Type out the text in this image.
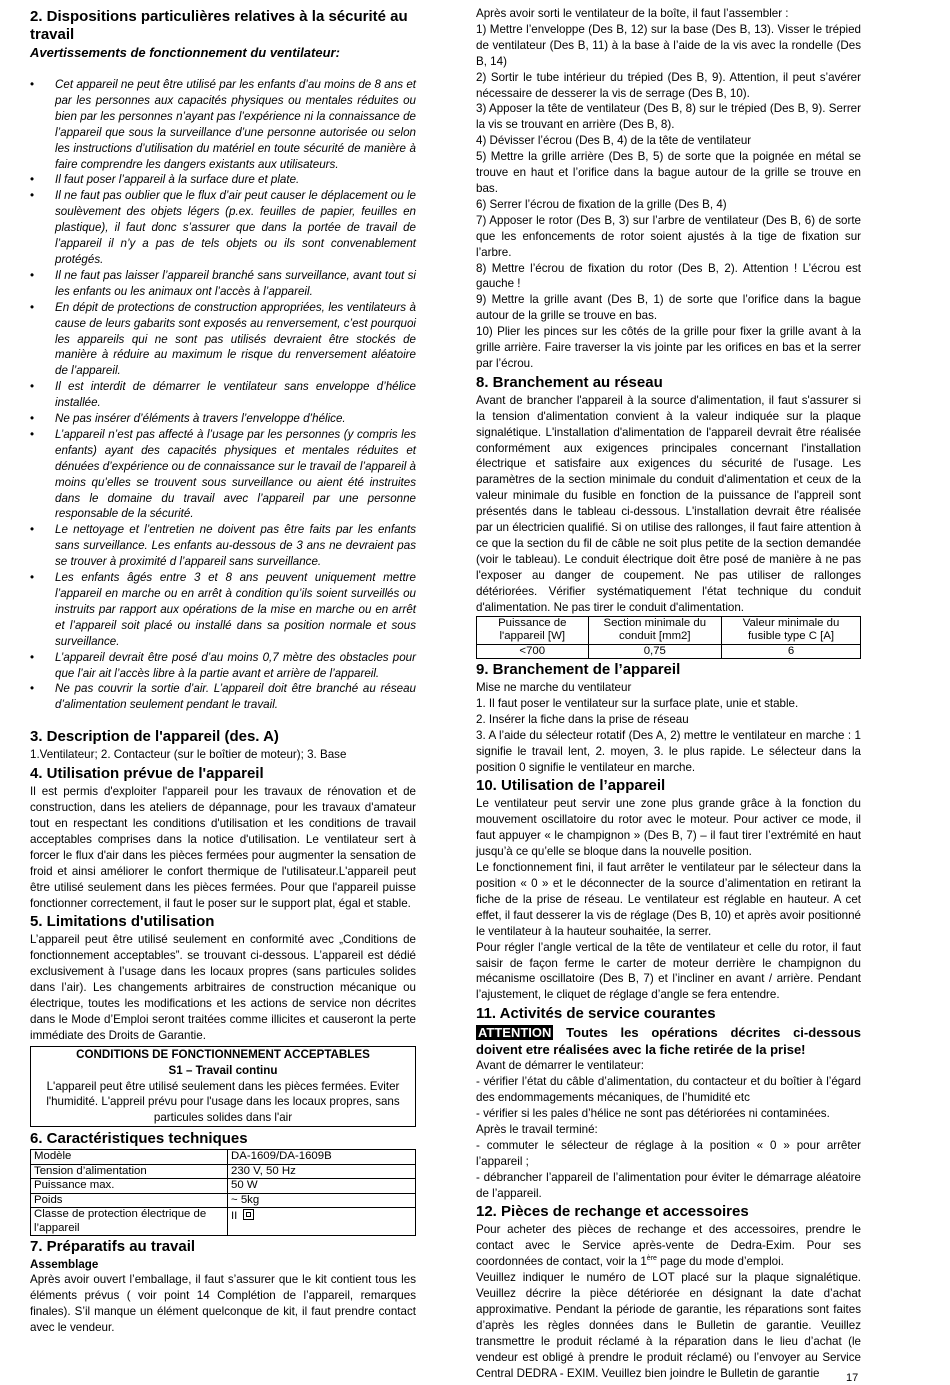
2. Dispositions particulières relatives à la sécurité au travail
Avertissements de fonctionnement du ventilateur:
• Cet appareil ne peut être utilisé par les enfants d’au moins de 8 ans et par les personnes aux capacités physiques ou mentales réduites ou bien par les personnes n’ayant pas l’expérience ni la connaissance de l’appareil que sous la surveillance d’une personne autorisée ou selon les instructions d’utilisation du matériel en toute sécurité de manière à faire comprendre les dangers existants aux utilisateurs.
• Il faut poser l’appareil à la surface dure et plate.
• Il ne faut pas oublier que le flux d’air peut causer le déplacement ou le soulèvement des objets légers (p.ex. feuilles de papier, feuilles en plastique), il faut donc s’assurer que dans la portée de travail de l’appareil il n’y a pas de tels objets ou ils sont convenablement protégés.
• Il ne faut pas laisser l’appareil branché sans surveillance, avant tout si les enfants ou les animaux ont l’accès à l’appareil.
• En dépit de protections de construction appropriées, les ventilateurs à cause de leurs gabarits sont exposés au renversement, c’est pourquoi les appareils qui ne sont pas utilisés devraient être stockés de manière à réduire au maximum le risque du renversement aléatoire de l’appareil.
• Il est interdit de démarrer le ventilateur sans enveloppe d’hélice installée.
• Ne pas insérer d’éléments à travers l’enveloppe d’hélice.
• L’appareil n’est pas affecté à l’usage par les personnes (y compris les enfants) ayant des capacités physiques et mentales réduites et dénuées d’expérience ou de connaissance sur le travail de l’appareil à moins qu’elles se trouvent sous surveillance ou aient été instruites dans le domaine du travail avec l’appareil par une personne responsable de la sécurité.
• Le nettoyage et l’entretien ne doivent pas être faits par les enfants sans surveillance. Les enfants au-dessous de 3 ans ne devraient pas se trouver à proximité d l’appareil sans surveillance.
• Les enfants âgés entre 3 et 8 ans peuvent uniquement mettre l’appareil en marche ou en arrêt à condition qu’ils soient surveillés ou instruits par rapport aux opérations de la mise en marche ou en arrêt et l’appareil soit placé ou installé dans sa position normale et sous surveillance.
• L’appareil devrait être posé d’au moins 0,7 mètre des obstacles pour que l’air ait l’accès libre à la partie avant et arrière de l’appareil.
• Ne pas couvrir la sortie d’air. L’appareil doit être branché au réseau d’alimentation seulement pendant le travail.
3. Description de l'appareil (des. A)

1.Ventilateur; 2. Contacteur (sur le boîtier de moteur); 3. Base

4. Utilisation prévue de l'appareil

Il est permis d'exploiter l'appareil pour les travaux de rénovation et de construction, dans les ateliers de dépannage, pour les travaux d'amateur tout en respectant les conditions d'utilisation et les conditions de travail acceptables comprises dans la notice d'utilisation. Le ventilateur sert à forcer le flux d'air dans les pièces fermées pour augmenter la sensation de froid et ainsi améliorer le confort thermique de l'utilisateur.L'appareil peut être utilisé seulement dans les pièces fermées. Pour que l'appareil puisse fonctionner correctement, il faut le poser sur le support plat, égal et stable.

5. Limitations d'utilisation

L’appareil peut être utilisé seulement en conformité avec „Conditions de fonctionnement acceptables”. se trouvant ci-dessous. L’appareil est dédié exclusivement à l’usage dans les locaux propres (sans particules solides dans l’air). Les changements arbitraires de construction mécanique ou électrique, toutes les modifications et les actions de service non décrites dans le Mode d’Emploi seront traitées comme illicites et causeront la perte immédiate des Droits de Garantie.

CONDITIONS DE FONCTIONNEMENT ACCEPTABLES
S1 – Travail continu
L'appareil peut être utilisé seulement dans les pièces fermées. Eviter l'humidité. L'appreil prévu pour l'usage dans les locaux propres, sans particules solides dans l'air
6. Caractéristiques techniques
Modèle	DA-1609/DA-1609B
Tension d’alimentation	230 V, 50 Hz
Puissance max.	50 W
Poids	~ 5kg
Classe de protection électrique de l’appareil	II
7. Préparatifs au travail
Assemblage

Après avoir ouvert l’emballage, il faut s’assurer que le kit contient tous les éléments prévus ( voir point 14 Complétion de l’appareil, remarques finales). S’il manque un élément quelconque de kit, il faut prendre contact avec le vendeur.

Après avoir sorti le ventilateur de la boîte, il faut l’assembler :

1) Mettre l’enveloppe (Des B, 12) sur la base (Des B, 13). Visser le trépied de ventilateur (Des B, 11) à la base à l’aide de la vis avec la rondelle (Des B, 14)

2) Sortir le tube intérieur du trépied (Des B, 9). Attention, il peut s’avérer nécessaire de desserer la vis de serrage (Des B, 10).

3) Apposer la tête de ventilateur (Des B, 8) sur le trépied (Des B, 9). Serrer la vis se trouvant en arrière (Des B, 8).

4) Dévisser l’écrou (Des B, 4) de la tête de ventilateur

5) Mettre la grille arrière (Des B, 5) de sorte que la poignée en métal se trouve en haut et l’orifice dans la bague autour de la grille se trouve en bas.

6) Serrer l’écrou de fixation de la grille (Des B, 4)

7) Apposer le rotor (Des B, 3) sur l’arbre de ventilateur (Des B, 6) de sorte que les enfoncements de rotor soient ajustés à la tige de fixation sur l’arbre.

8) Mettre l’écrou de fixation du rotor (Des B, 2). Attention ! L’écrou est gauche !

9) Mettre la grille avant (Des B, 1) de sorte que l’orifice dans la bague autour de la grille se trouve en bas.

10) Plier les pinces sur les côtés de la grille pour fixer la grille avant à la grille arrière. Faire traverser la vis jointe par les orifices en bas et la serrer par l’écrou.

8. Branchement au réseau

Avant de brancher l'appareil à la source d'alimentation, il faut s'assurer si la tension d'alimentation convient à la valeur indiquée sur la plaque signalétique. L'installation d'alimentation de l'appareil devrait être réalisée conformément aux exigences principales concernant l'installation électrique et satisfaire aux exigences du sécurité de l'usage. Les paramètres de la section minimale du conduit d'alimentation et ceux de la valeur minimale du fusible en fonction de la puissance de l'appreil sont présentés dans le tableau ci-dessous. L'installation devrait être réalisée par un électricien qualifié. Si on utilise des rallonges, il faut faire attention à ce que la section du fil de câble ne soit plus petite de la section demandée (voir le tableau). Le conduit électrique doit être posé de manière à ne pas l'exposer au danger de coupement. Ne pas utiliser de rallonges détériorées. Vérifier systématiquement l'état technique du conduit d'alimentation. Ne pas tirer le conduit d'alimentation.

Puissance de l'appareil [W]	Section minimale du conduit [mm2]	Valeur minimale du fusible type C [A]
<700	0,75	6
9. Branchement de l’appareil

Mise ne marche du ventilateur

1. Il faut poser le ventilateur sur la surface plate, unie et stable.

2. Insérer la fiche dans la prise de réseau

3. A l’aide du sélecteur rotatif (Des A, 2) mettre le ventilateur en marche : 1 signifie le travail lent, 2. moyen, 3. le plus rapide. Le sélecteur dans la position 0 signifie le ventilateur en marche.

10. Utilisation de l’appareil

Le ventilateur peut servir une zone plus grande grâce à la fonction du mouvement oscillatoire du rotor avec le moteur. Pour activer ce mode, il faut appuyer « le champignon » (Des B, 7) – il faut tirer l’extrémité en haut jusqu’à ce qu’elle se bloque dans la nouvelle position.

Le fonctionnement fini, il faut arrêter le ventilateur par le sélecteur dans la position « 0 » et le déconnecter de la source d’alimentation en retirant la fiche de la prise de réseau. Le ventilateur est réglable en hauteur. A cet effet, il faut desserer la vis de réglage (Des B, 10) et après avoir positionné le ventilateur à la hauteur souhaitée, la serrer.

Pour régler l’angle vertical de la tête de ventilateur et celle du rotor, il faut saisir de façon ferme le carter de moteur derrière le champignon du mécanisme oscillatoire (Des B, 7) et l’incliner en avant / arrière. Pendant l’ajustement, le cliquet de réglage d’angle se fera entendre.

11. Activités de service courantes
ATTENTION Toutes les opérations décrites ci-dessous doivent etre réalisées avec la fiche retirée de la prise!

Avant de démarrer le ventilateur:

- vérifier l’état du câble d’alimentation, du contacteur et du boîtier à l’égard des endommagements mécaniques, de l’humidité etc

- vérifier si les pales d’hélice ne sont pas détériorées ni contaminées.

Après le travail terminé:

- commuter le sélecteur de réglage à la position « 0 » pour arrêter l’appareil ;

- débrancher l’appareil de l’alimentation pour éviter le démarrage aléatoire de l’appareil.

12. Pièces de rechange et accessoires

Pour acheter des pièces de rechange et des accessoires, prendre le contact avec le Service après-vente de Dedra-Exim. Pour ses coordonnées de contact, voir la 1ère page du mode d’emploi.

Veuillez indiquer le numéro de LOT placé sur la plaque signalétique. Veuillez décrire la pièce détériorée en désignant la date d’achat approximative. Pendant la période de garantie, les réparations sont faites d’après les règles données dans le Bulletin de garantie. Veuillez transmettre le produit réclamé à la réparation dans le lieu d’achat (le vendeur est obligé à prendre le produit réclamé) ou l’envoyer au Service Central DEDRA - EXIM. Veuillez bien joindre le Bulletin de garantie	17
